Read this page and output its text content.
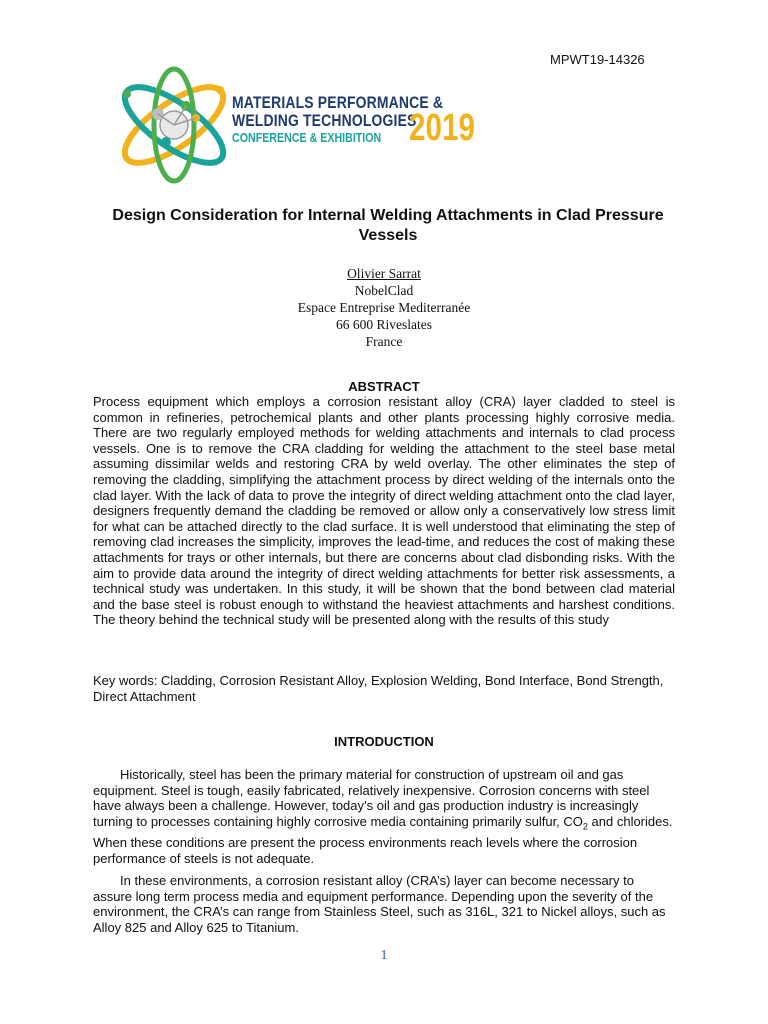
MPWT19-14326
MATERIALS PERFORMANCE &
WELDING TECHNOLOGIES
CONFERENCE & EXHIBITION 2019
Design Consideration for Internal Welding Attachments in Clad Pressure Vessels
Olivier Sarrat
NobelClad
Espace Entreprise Mediterranée
66 600 Riveslates
France
ABSTRACT
Process equipment which employs a corrosion resistant alloy (CRA) layer cladded to steel is common in refineries, petrochemical plants and other plants processing highly corrosive media. There are two regularly employed methods for welding attachments and internals to clad process vessels. One is to remove the CRA cladding for welding the attachment to the steel base metal assuming dissimilar welds and restoring CRA by weld overlay. The other eliminates the step of removing the cladding, simplifying the attachment process by direct welding of the internals onto the clad layer. With the lack of data to prove the integrity of direct welding attachment onto the clad layer, designers frequently demand the cladding be removed or allow only a conservatively low stress limit for what can be attached directly to the clad surface. It is well understood that eliminating the step of removing clad increases the simplicity, improves the lead-time, and reduces the cost of making these attachments for trays or other internals, but there are concerns about clad disbonding risks. With the aim to provide data around the integrity of direct welding attachments for better risk assessments, a technical study was undertaken. In this study, it will be shown that the bond between clad material and the base steel is robust enough to withstand the heaviest attachments and harshest conditions. The theory behind the technical study will be presented along with the results of this study
Key words: Cladding, Corrosion Resistant Alloy, Explosion Welding, Bond Interface, Bond Strength, Direct Attachment
INTRODUCTION
Historically, steel has been the primary material for construction of upstream oil and gas equipment. Steel is tough, easily fabricated, relatively inexpensive. Corrosion concerns with steel have always been a challenge. However, today’s oil and gas production industry is increasingly turning to processes containing highly corrosive media containing primarily sulfur, $CO_2$ and chlorides. When these conditions are present the process environments reach levels where the corrosion performance of steels is not adequate.
In these environments, a corrosion resistant alloy (CRA’s) layer can become necessary to assure long term process media and equipment performance. Depending upon the severity of the environment, the CRA’s can range from Stainless Steel, such as 316L, 321 to Nickel alloys, such as Alloy 825 and Alloy 625 to Titanium.
1
